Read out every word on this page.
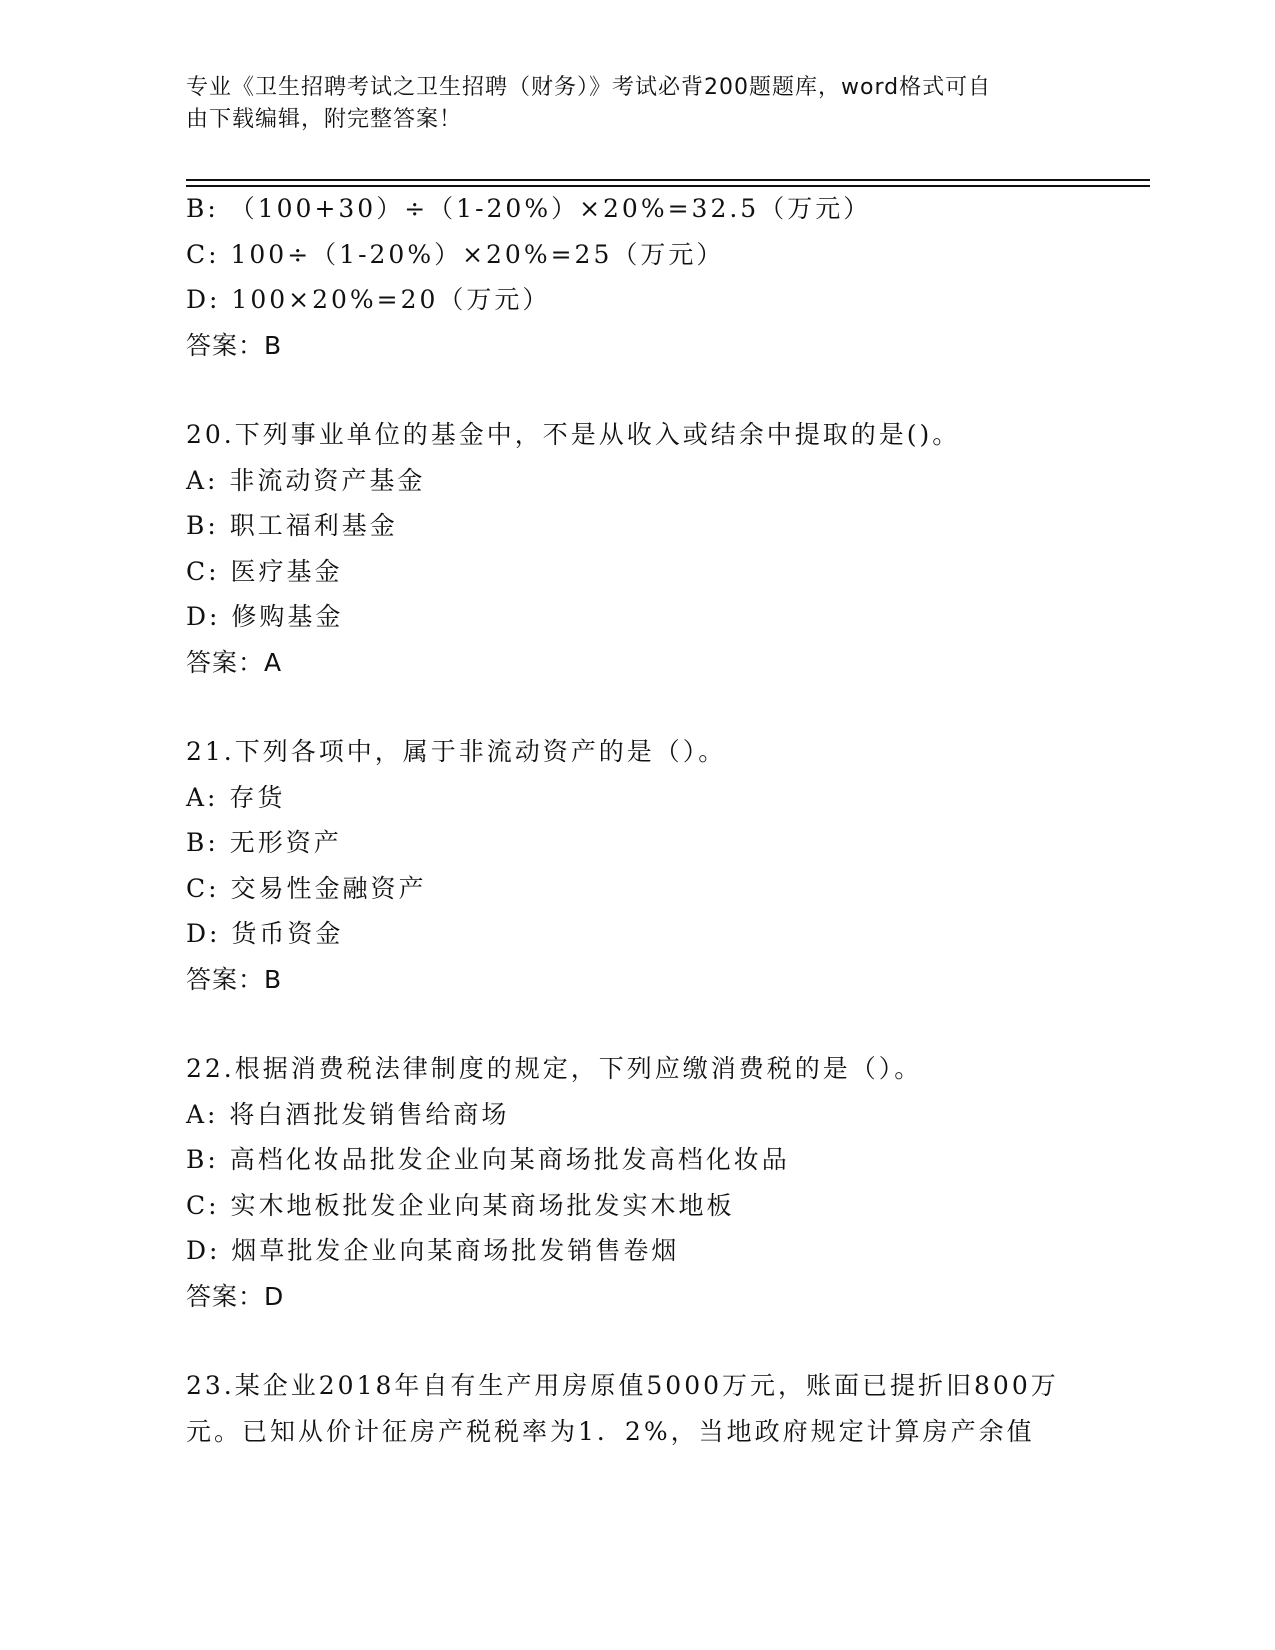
专业《卫生招聘考试之卫生招聘（财务）》考试必背200题题库，word格式可自
由下载编辑，附完整答案！
B: （100+30）÷（1-20%）×20%=32.5（万元）
C: 100÷（1-20%）×20%=25（万元）
D: 100×20%=20（万元）
答案：B
20.下列事业单位的基金中，不是从收入或结余中提取的是()。
A: 非流动资产基金
B: 职工福利基金
C: 医疗基金
D: 修购基金
答案：A
21.下列各项中，属于非流动资产的是（）。
A: 存货
B: 无形资产
C: 交易性金融资产
D: 货币资金
答案：B
22.根据消费税法律制度的规定，下列应缴消费税的是（）。
A: 将白酒批发销售给商场
B: 高档化妆品批发企业向某商场批发高档化妆品
C: 实木地板批发企业向某商场批发实木地板
D: 烟草批发企业向某商场批发销售卷烟
答案：D
23.某企业2018年自有生产用房原值5000万元，账面已提折旧800万
元。已知从价计征房产税税率为1．2%，当地政府规定计算房产余值
